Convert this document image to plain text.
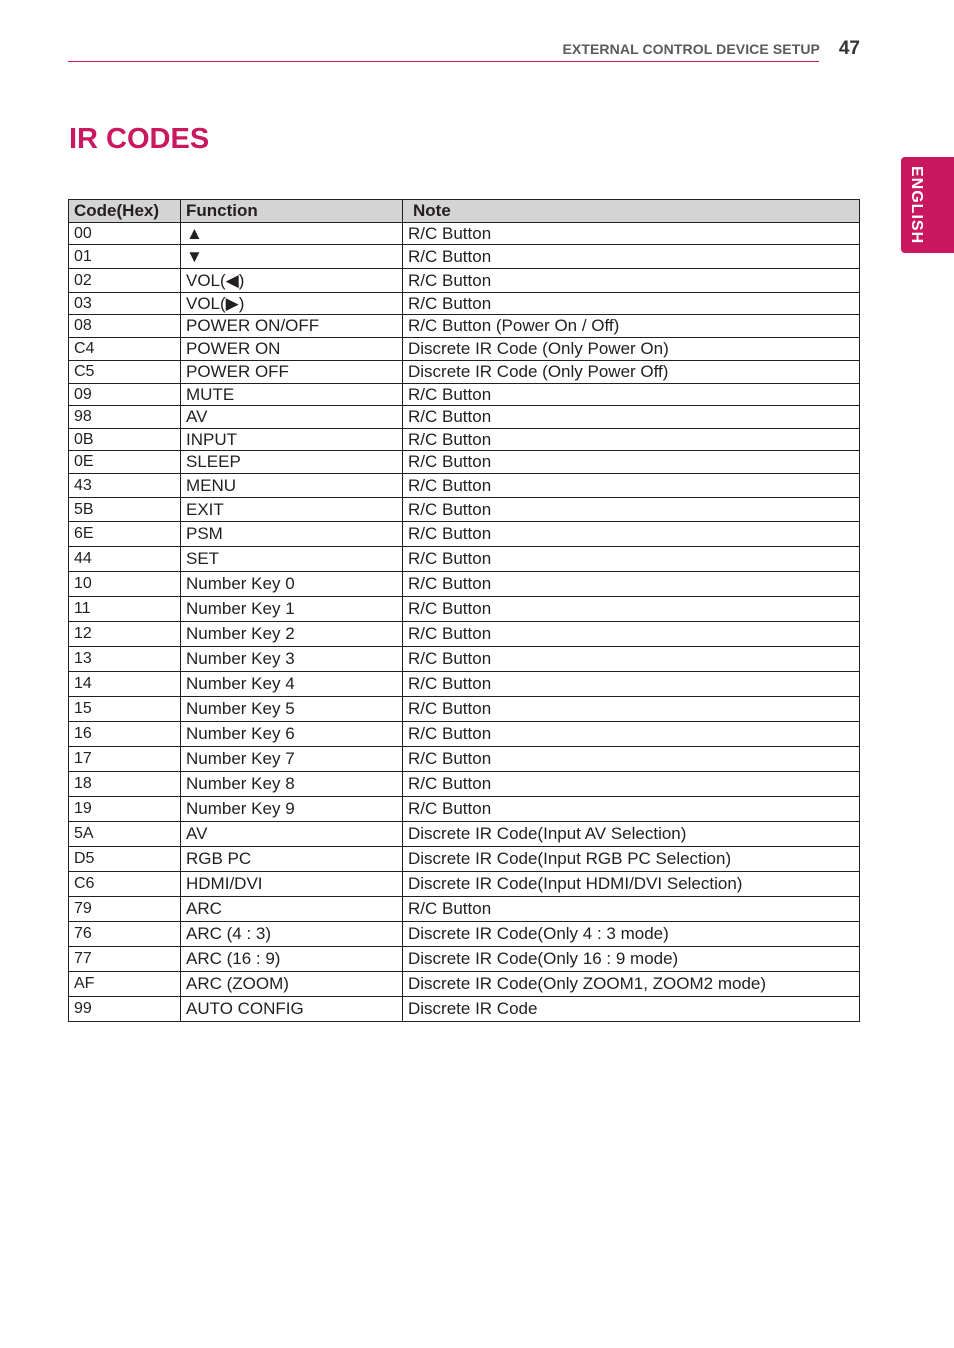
EXTERNAL CONTROL DEVICE SETUP 47
IR CODES
ENGLISH
Code(Hex)	Function	Note
00	▲	R/C Button
01	▼	R/C Button
02	VOL(◀)	R/C Button
03	VOL(▶)	R/C Button
08	POWER ON/OFF	R/C Button (Power On / Off)
C4	POWER ON	Discrete IR Code (Only Power On)
C5	POWER OFF	Discrete IR Code (Only Power Off)
09	MUTE	R/C Button
98	AV	R/C Button
0B	INPUT	R/C Button
0E	SLEEP	R/C Button
43	MENU	R/C Button
5B	EXIT	R/C Button
6E	PSM	R/C Button
44	SET	R/C Button
10	Number Key 0	R/C Button
11	Number Key 1	R/C Button
12	Number Key 2	R/C Button
13	Number Key 3	R/C Button
14	Number Key 4	R/C Button
15	Number Key 5	R/C Button
16	Number Key 6	R/C Button
17	Number Key 7	R/C Button
18	Number Key 8	R/C Button
19	Number Key 9	R/C Button
5A	AV	Discrete IR Code(Input AV Selection)
D5	RGB PC	Discrete IR Code(Input RGB PC Selection)
C6	HDMI/DVI	Discrete IR Code(Input HDMI/DVI Selection)
79	ARC	R/C Button
76	ARC (4 : 3)	Discrete IR Code(Only 4 : 3 mode)
77	ARC (16 : 9)	Discrete IR Code(Only 16 : 9 mode)
AF	ARC (ZOOM)	Discrete IR Code(Only ZOOM1, ZOOM2 mode)
99	AUTO CONFIG	Discrete IR Code
